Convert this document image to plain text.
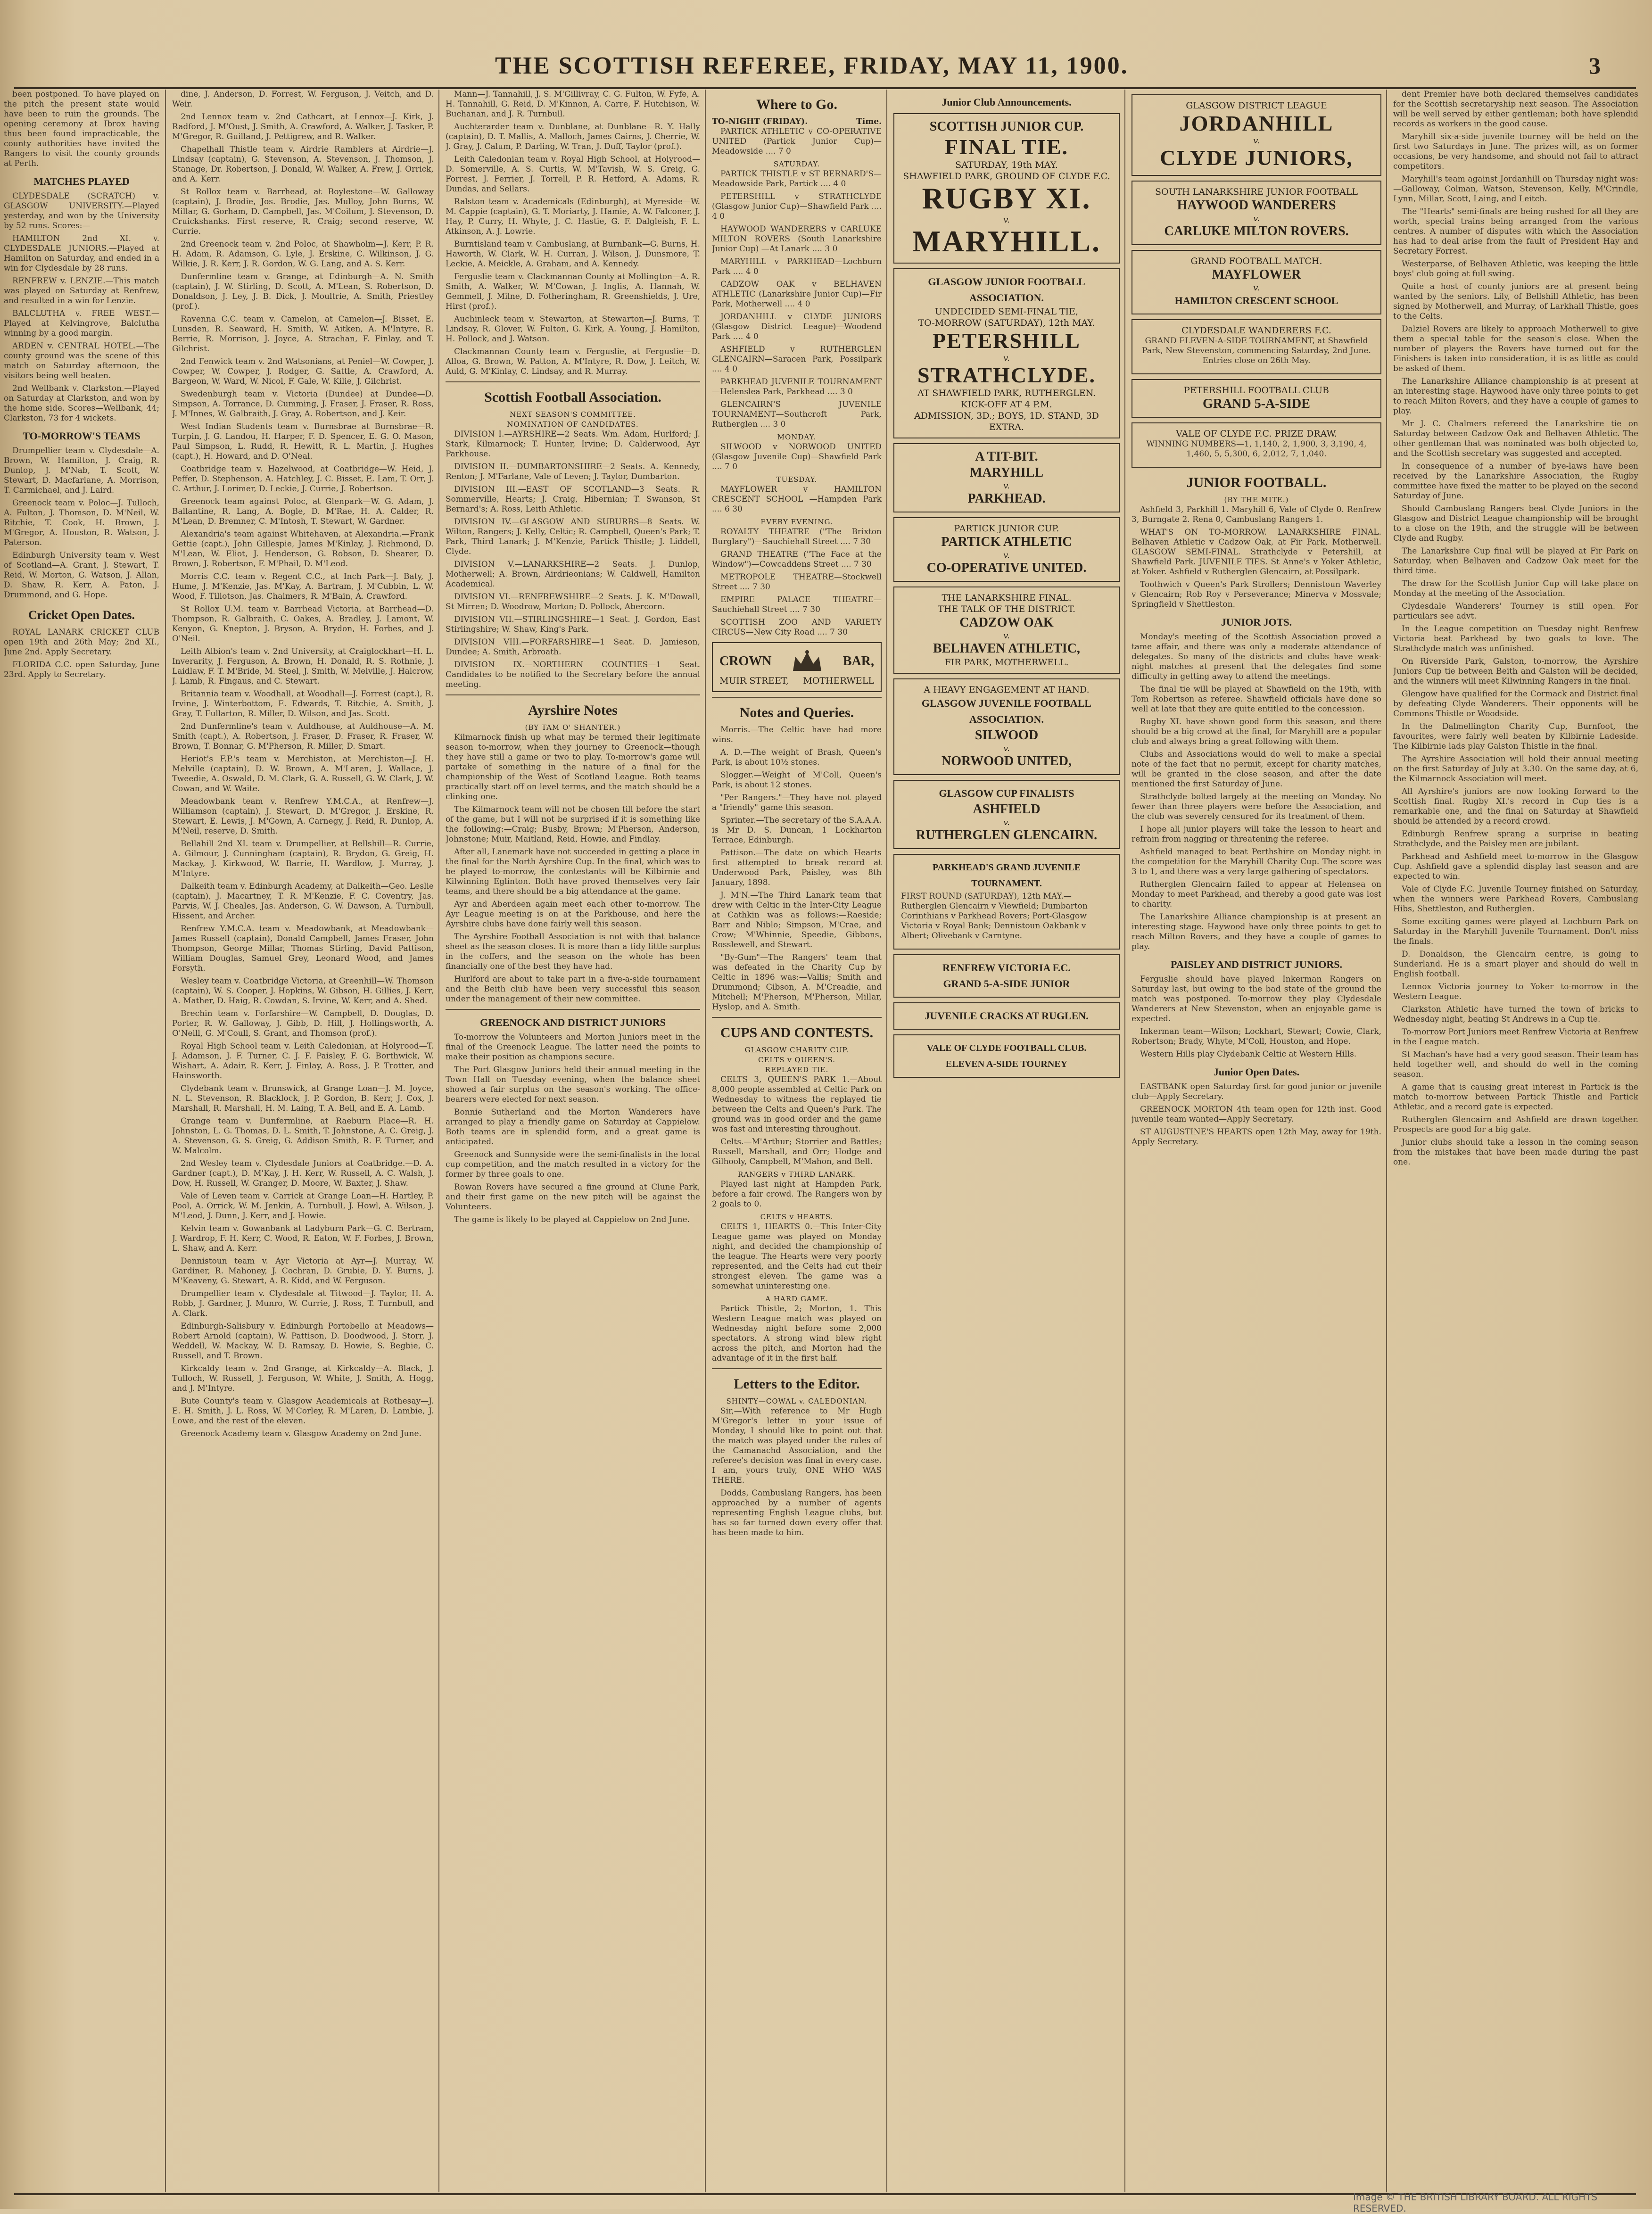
THE SCOTTISH REFEREE, FRIDAY, MAY 11, 1900.	3

been postponed. To have played on the pitch the present state would have been to ruin the grounds. The opening ceremony at Ibrox having thus been found impracticable, the county authorities have invited the Rangers to visit the county grounds at Perth.

MATCHES PLAYED

CLYDESDALE (SCRATCH) v. GLASGOW UNIVERSITY.—Played yesterday, and won by the University by 52 runs. Scores:—

HAMILTON 2nd XI. v. CLYDESDALE JUNIORS.—Played at Hamilton on Saturday, and ended in a win for Clydesdale by 28 runs.

RENFREW v. LENZIE.—This match was played on Saturday at Renfrew, and resulted in a win for Lenzie.

BALCLUTHA v. FREE WEST.—Played at Kelvingrove, Balclutha winning by a good margin.

ARDEN v. CENTRAL HOTEL.—The county ground was the scene of this match on Saturday afternoon, the visitors being well beaten.

2nd Wellbank v. Clarkston.—Played on Saturday at Clarkston, and won by the home side. Scores—Wellbank, 44; Clarkston, 73 for 4 wickets.

TO-MORROW'S TEAMS

Drumpellier team v. Clydesdale—A. Brown, W. Hamilton, J. Craig, R. Dunlop, J. M'Nab, T. Scott, W. Stewart, D. Macfarlane, A. Morrison, T. Carmichael, and J. Laird.

Greenock team v. Poloc—J. Tulloch, A. Fulton, J. Thomson, D. M'Neil, W. Ritchie, T. Cook, H. Brown, J. M'Gregor, A. Houston, R. Watson, J. Paterson.

Edinburgh University team v. West of Scotland—A. Grant, J. Stewart, T. Reid, W. Morton, G. Watson, J. Allan, D. Shaw, R. Kerr, A. Paton, J. Drummond, and G. Hope.

Cricket Open Dates.

ROYAL LANARK CRICKET CLUB open 19th and 26th May; 2nd XI., June 2nd. Apply Secretary.

FLORIDA C.C. open Saturday, June 23rd. Apply to Secretary.

dine, J. Anderson, D. Forrest, W. Ferguson, J. Veitch, and D. Weir.

2nd Lennox team v. 2nd Cathcart, at Lennox—J. Kirk, J. Radford, J. M'Oust, J. Smith, A. Crawford, A. Walker, J. Tasker, P. M'Gregor, R. Guilland, J. Pettigrew, and R. Walker.

Chapelhall Thistle team v. Airdrie Ramblers at Airdrie—J. Lindsay (captain), G. Stevenson, A. Stevenson, J. Thomson, J. Stanage, Dr. Robertson, J. Donald, W. Walker, A. Frew, J. Orrick, and A. Kerr.

St Rollox team v. Barrhead, at Boylestone—W. Galloway (captain), J. Brodie, Jos. Brodie, Jas. Mulloy, John Burns, W. Millar, G. Gorham, D. Campbell, Jas. M'Coilum, J. Stevenson, D. Cruickshanks. First reserve, R. Craig; second reserve, W. Currie.

2nd Greenock team v. 2nd Poloc, at Shawholm—J. Kerr, P. R. H. Adam, R. Adamson, G. Lyle, J. Erskine, C. Wilkinson, J. G. Wilkie, J. R. Kerr, J. R. Gordon, W. G. Lang, and A. S. Kerr.

Dunfermline team v. Grange, at Edinburgh—A. N. Smith (captain), J. W. Stirling, D. Scott, A. M'Lean, S. Robertson, D. Donaldson, J. Ley, J. B. Dick, J. Moultrie, A. Smith, Priestley (prof.).

Ravenna C.C. team v. Camelon, at Camelon—J. Bisset, E. Lunsden, R. Seaward, H. Smith, W. Aitken, A. M'Intyre, R. Berrie, R. Morrison, J. Joyce, A. Strachan, F. Finlay, and T. Gilchrist.

2nd Fenwick team v. 2nd Watsonians, at Peniel—W. Cowper, J. Cowper, W. Cowper, J. Rodger, G. Sattle, A. Crawford, A. Bargeon, W. Ward, W. Nicol, F. Gale, W. Kilie, J. Gilchrist.

Swedenburgh team v. Victoria (Dundee) at Dundee—D. Simpson, A. Torrance, D. Cumming, J. Fraser, J. Fraser, R. Ross, J. M'Innes, W. Galbraith, J. Gray, A. Robertson, and J. Keir.

West Indian Students team v. Burnsbrae at Burnsbrae—R. Turpin, J. G. Landou, H. Harper, F. D. Spencer, E. G. O. Mason, Paul Simpson, L. Rudd, R. Hewitt, R. L. Martin, J. Hughes (capt.), H. Howard, and D. O'Neal.

Coatbridge team v. Hazelwood, at Coatbridge—W. Heid, J. Peffer, D. Stephenson, A. Hatchley, J. C. Bisset, E. Lam, T. Orr, J. C. Arthur, J. Lorimer, D. Leckie, J. Currie, J. Robertson.

Greenock team against Poloc, at Glenpark—W. G. Adam, J. Ballantine, R. Lang, A. Bogle, D. M'Rae, H. A. Calder, R. M'Lean, D. Bremner, C. M'Intosh, T. Stewart, W. Gardner.

Alexandria's team against Whitehaven, at Alexandria.—Frank Gettie (capt.), John Gillespie, James M'Kinlay, J. Richmond, D. M'Lean, W. Eliot, J. Henderson, G. Robson, D. Shearer, D. Brown, J. Robertson, F. M'Phail, D. M'Leod.

Morris C.C. team v. Regent C.C., at Inch Park—J. Baty, J. Hume, J. M'Kenzie, Jas. M'Kay, A. Bartram, J. M'Cubbin, L. W. Wood, F. Tillotson, Jas. Chalmers, R. M'Bain, A. Crawford.

St Rollox U.M. team v. Barrhead Victoria, at Barrhead—D. Thompson, R. Galbraith, C. Oakes, A. Bradley, J. Lamont, W. Kenyon, G. Knepton, J. Bryson, A. Brydon, H. Forbes, and J. O'Neil.

Leith Albion's team v. 2nd University, at Craiglockhart—H. L. Inverarity, J. Ferguson, A. Brown, H. Donald, R. S. Rothnie, J. Laidlaw, F. T. M'Bride, M. Steel, J. Smith, W. Melville, J. Halcrow, J. Lamb, R. Fingaus, and C. Stewart.

Britannia team v. Woodhall, at Woodhall—J. Forrest (capt.), R. Irvine, J. Winterbottom, E. Edwards, T. Ritchie, A. Smith, J. Gray, T. Fullarton, R. Miller, D. Wilson, and Jas. Scott.

2nd Dunfermline's team v. Auldhouse, at Auldhouse—A. M. Smith (capt.), A. Robertson, J. Fraser, D. Fraser, R. Fraser, W. Brown, T. Bonnar, G. M'Pherson, R. Miller, D. Smart.

Heriot's F.P.'s team v. Merchiston, at Merchiston—J. H. Melville (captain), D. W. Brown, A. M'Laren, J. Wallace, J. Tweedie, A. Oswald, D. M. Clark, G. A. Russell, G. W. Clark, J. W. Cowan, and W. Waite.

Meadowbank team v. Renfrew Y.M.C.A., at Renfrew—J. Williamson (captain), J. Stewart, D. M'Gregor, J. Erskine, R. Stewart, E. Lewis, J. M'Gown, A. Carnegy, J. Reid, R. Dunlop, A. M'Neil, reserve, D. Smith.

Bellahill 2nd XI. team v. Drumpellier, at Bellshill—R. Currie, A. Gilmour, J. Cunningham (captain), R. Brydon, G. Greig, H. Mackay, J. Kirkwood, W. Barrie, H. Wardlow, J. Murray, J. M'Intyre.

Dalkeith team v. Edinburgh Academy, at Dalkeith—Geo. Leslie (captain), J. Macartney, T. R. M'Kenzie, F. C. Coventry, Jas. Parvis, W. J. Cheales, Jas. Anderson, G. W. Dawson, A. Turnbull, Hissent, and Archer.

Renfrew Y.M.C.A. team v. Meadowbank, at Meadowbank—James Russell (captain), Donald Campbell, James Fraser, John Thompson, George Millar, Thomas Stirling, David Pattison, William Douglas, Samuel Grey, Leonard Wood, and James Forsyth.

Wesley team v. Coatbridge Victoria, at Greenhill—W. Thomson (captain), W. S. Cooper, J. Hopkins, W. Gibson, H. Gillies, J. Kerr, A. Mather, D. Haig, R. Cowdan, S. Irvine, W. Kerr, and A. Shed.

Brechin team v. Forfarshire—W. Campbell, D. Douglas, D. Porter, R. W. Galloway, J. Gibb, D. Hill, J. Hollingsworth, A. O'Neill, G. M'Coull, S. Grant, and Thomson (prof.).

Royal High School team v. Leith Caledonian, at Holyrood—T. J. Adamson, J. F. Turner, C. J. F. Paisley, F. G. Borthwick, W. Wishart, A. Adair, R. Kerr, J. Finlay, A. Ross, J. P. Trotter, and Hainsworth.

Clydebank team v. Brunswick, at Grange Loan—J. M. Joyce, N. L. Stevenson, R. Blacklock, J. P. Gordon, B. Kerr, J. Cox, J. Marshall, R. Marshall, H. M. Laing, T. A. Bell, and E. A. Lamb.

Grange team v. Dunfermline, at Raeburn Place—R. H. Johnston, L. G. Thomas, D. L. Smith, T. Johnstone, A. C. Greig, J. A. Stevenson, G. S. Greig, G. Addison Smith, R. F. Turner, and W. Malcolm.

2nd Wesley team v. Clydesdale Juniors at Coatbridge.—D. A. Gardner (capt.), D. M'Kay, J. H. Kerr, W. Russell, A. C. Walsh, J. Dow, H. Russell, W. Granger, D. Moore, W. Baxter, J. Shaw.

Vale of Leven team v. Carrick at Grange Loan—H. Hartley, P. Pool, A. Orrick, W. M. Jenkin, A. Turnbull, J. Howl, A. Wilson, J. M'Leod, J. Dunn, J. Kerr, and J. Howie.

Kelvin team v. Gowanbank at Ladyburn Park—G. C. Bertram, J. Wardrop, F. H. Kerr, C. Wood, R. Eaton, W. F. Forbes, J. Brown, L. Shaw, and A. Kerr.

Dennistoun team v. Ayr Victoria at Ayr—J. Murray, W. Gardiner, R. Mahoney, J. Cochran, D. Grubie, D. Y. Burns, J. M'Keaveny, G. Stewart, A. R. Kidd, and W. Ferguson.

Drumpellier team v. Clydesdale at Titwood—J. Taylor, H. A. Robb, J. Gardner, J. Munro, W. Currie, J. Ross, T. Turnbull, and A. Clark.

Edinburgh-Salisbury v. Edinburgh Portobello at Meadows—Robert Arnold (captain), W. Pattison, D. Doodwood, J. Storr, J. Weddell, W. Mackay, W. D. Ramsay, D. Howie, S. Begbie, C. Russell, and T. Brown.

Kirkcaldy team v. 2nd Grange, at Kirkcaldy—A. Black, J. Tulloch, W. Russell, J. Ferguson, W. White, J. Smith, A. Hogg, and J. M'Intyre.

Bute County's team v. Glasgow Academicals at Rothesay—J. E. H. Smith, J. L. Ross, W. M'Corley, R. M'Laren, D. Lambie, J. Lowe, and the rest of the eleven.

Greenock Academy team v. Glasgow Academy on 2nd June.

Mann—J. Tannahill, J. S. M'Gillivray, C. G. Fulton, W. Fyfe, A. H. Tannahill, G. Reid, D. M'Kinnon, A. Carre, F. Hutchison, W. Buchanan, and J. R. Turnbull.

Auchterarder team v. Dunblane, at Dunblane—R. Y. Hally (captain), D. T. Mallis, A. Malloch, James Cairns, J. Cherrie, W. J. Gray, J. Calum, P. Darling, W. Tran, J. Duff, Taylor (prof.).

Leith Caledonian team v. Royal High School, at Holyrood—D. Somerville, A. S. Curtis, W. M'Tavish, W. S. Greig, G. Forrest, J. Ferrier, J. Torrell, P. R. Hetford, A. Adams, R. Dundas, and Sellars.

Ralston team v. Academicals (Edinburgh), at Myreside—W. M. Cappie (captain), G. T. Moriarty, J. Hamie, A. W. Falconer, J. Hay, P. Curry, H. Whyte, J. C. Hastie, G. F. Dalgleish, F. L. Atkinson, A. J. Lowrie.

Burntisland team v. Cambuslang, at Burnbank—G. Burns, H. Haworth, W. Clark, W. H. Curran, J. Wilson, J. Dunsmore, T. Leckie, A. Meickle, A. Graham, and A. Kennedy.

Ferguslie team v. Clackmannan County at Mollington—A. R. Smith, A. Walker, W. M'Cowan, J. Inglis, A. Hannah, W. Gemmell, J. Milne, D. Fotheringham, R. Greenshields, J. Ure, Hirst (prof.).

Auchinleck team v. Stewarton, at Stewarton—J. Burns, T. Lindsay, R. Glover, W. Fulton, G. Kirk, A. Young, J. Hamilton, H. Pollock, and J. Watson.

Clackmannan County team v. Ferguslie, at Ferguslie—D. Alloa, G. Brown, W. Patton, A. M'Intyre, R. Dow, J. Leitch, W. Auld, G. M'Kinlay, C. Lindsay, and R. Murray.

Scottish Football Association.
NEXT SEASON'S COMMITTEE.
NOMINATION OF CANDIDATES.

DIVISION I.—AYRSHIRE—2 Seats. Wm. Adam, Hurlford; J. Stark, Kilmarnock; T. Hunter, Irvine; D. Calderwood, Ayr Parkhouse.

DIVISION II.—DUMBARTONSHIRE—2 Seats. A. Kennedy, Renton; J. M'Farlane, Vale of Leven; J. Taylor, Dumbarton.

DIVISION III.—EAST OF SCOTLAND—3 Seats. R. Sommerville, Hearts; J. Craig, Hibernian; T. Swanson, St Bernard's; A. Ross, Leith Athletic.

DIVISION IV.—GLASGOW AND SUBURBS—8 Seats. W. Wilton, Rangers; J. Kelly, Celtic; R. Campbell, Queen's Park; T. Park, Third Lanark; J. M'Kenzie, Partick Thistle; J. Liddell, Clyde.

DIVISION V.—LANARKSHIRE—2 Seats. J. Dunlop, Motherwell; A. Brown, Airdrieonians; W. Caldwell, Hamilton Academical.

DIVISION VI.—RENFREWSHIRE—2 Seats. J. K. M'Dowall, St Mirren; D. Woodrow, Morton; D. Pollock, Abercorn.

DIVISION VII.—STIRLINGSHIRE—1 Seat. J. Gordon, East Stirlingshire; W. Shaw, King's Park.

DIVISION VIII.—FORFARSHIRE—1 Seat. D. Jamieson, Dundee; A. Smith, Arbroath.

DIVISION IX.—NORTHERN COUNTIES—1 Seat. Candidates to be notified to the Secretary before the annual meeting.

Ayrshire Notes
(BY TAM O' SHANTER.)

Kilmarnock finish up what may be termed their legitimate season to-morrow, when they journey to Greenock—though they have still a game or two to play. To-morrow's game will partake of something in the nature of a final for the championship of the West of Scotland League. Both teams practically start off on level terms, and the match should be a clinking one.

The Kilmarnock team will not be chosen till before the start of the game, but I will not be surprised if it is something like the following:—Craig; Busby, Brown; M'Pherson, Anderson, Johnstone; Muir, Maitland, Reid, Howie, and Findlay.

After all, Lanemark have not succeeded in getting a place in the final for the North Ayrshire Cup. In the final, which was to be played to-morrow, the contestants will be Kilbirnie and Kilwinning Eglinton. Both have proved themselves very fair teams, and there should be a big attendance at the game.

Ayr and Aberdeen again meet each other to-morrow. The Ayr League meeting is on at the Parkhouse, and here the Ayrshire clubs have done fairly well this season.

The Ayrshire Football Association is not with that balance sheet as the season closes. It is more than a tidy little surplus in the coffers, and the season on the whole has been financially one of the best they have had.

Hurlford are about to take part in a five-a-side tournament and the Beith club have been very successful this season under the management of their new committee.

GREENOCK AND DISTRICT JUNIORS

To-morrow the Volunteers and Morton Juniors meet in the final of the Greenock League. The latter need the points to make their position as champions secure.

The Port Glasgow Juniors held their annual meeting in the Town Hall on Tuesday evening, when the balance sheet showed a fair surplus on the season's working. The office-bearers were elected for next season.

Bonnie Sutherland and the Morton Wanderers have arranged to play a friendly game on Saturday at Cappielow. Both teams are in splendid form, and a great game is anticipated.

Greenock and Sunnyside were the semi-finalists in the local cup competition, and the match resulted in a victory for the former by three goals to one.

Rowan Rovers have secured a fine ground at Clune Park, and their first game on the new pitch will be against the Volunteers.

The game is likely to be played at Cappielow on 2nd June.

Where to Go.
TO-NIGHT (FRIDAY).	Time.

PARTICK ATHLETIC v CO-OPERATIVE UNITED (Partick Junior Cup)—Meadowside .... 7 0

SATURDAY.

PARTICK THISTLE v ST BERNARD'S—Meadowside Park, Partick .... 4 0

PETERSHILL v STRATHCLYDE (Glasgow Junior Cup)—Shawfield Park .... 4 0

HAYWOOD WANDERERS v CARLUKE MILTON ROVERS (South Lanarkshire Junior Cup) —At Lanark .... 3 0

MARYHILL v PARKHEAD—Lochburn Park .... 4 0

CADZOW OAK v BELHAVEN ATHLETIC (Lanarkshire Junior Cup)—Fir Park, Motherwell .... 4 0

JORDANHILL v CLYDE JUNIORS (Glasgow District League)—Woodend Park .... 4 0

ASHFIELD v RUTHERGLEN GLENCAIRN—Saracen Park, Possilpark .... 4 0

PARKHEAD JUVENILE TOURNAMENT—Helenslea Park, Parkhead .... 3 0

GLENCAIRN'S JUVENILE TOURNAMENT—Southcroft Park, Rutherglen .... 3 0

MONDAY.

SILWOOD v NORWOOD UNITED (Glasgow Juvenile Cup)—Shawfield Park .... 7 0

TUESDAY.

MAYFLOWER v HAMILTON CRESCENT SCHOOL —Hampden Park .... 6 30

EVERY EVENING.

ROYALTY THEATRE ("The Brixton Burglary")—Sauchiehall Street .... 7 30

GRAND THEATRE ("The Face at the Window")—Cowcaddens Street .... 7 30

METROPOLE THEATRE—Stockwell Street .... 7 30

EMPIRE PALACE THEATRE—Sauchiehall Street .... 7 30

SCOTTISH ZOO AND VARIETY CIRCUS—New City Road .... 7 30

CROWN	BAR,
MUIR STREET, MOTHERWELL
Notes and Queries.

Morris.—The Celtic have had more wins.

A. D.—The weight of Brash, Queen's Park, is about 10½ stones.

Slogger.—Weight of M'Coll, Queen's Park, is about 12 stones.

"Per Rangers."—They have not played a "friendly" game this season.

Sprinter.—The secretary of the S.A.A.A. is Mr D. S. Duncan, 1 Lockharton Terrace, Edinburgh.

Pattison.—The date on which Hearts first attempted to break record at Underwood Park, Paisley, was 8th January, 1898.

J. M'N.—The Third Lanark team that drew with Celtic in the Inter-City League at Cathkin was as follows:—Raeside; Barr and Niblo; Simpson, M'Crae, and Crow; M'Whinnie, Speedie, Gibbons, Rosslewell, and Stewart.

"By-Gum"—The Rangers' team that was defeated in the Charity Cup by Celtic in 1896 was:—Vallis; Smith and Drummond; Gibson, A. M'Creadie, and Mitchell; M'Pherson, M'Pherson, Millar, Hyslop, and A. Smith.

CUPS AND CONTESTS.
GLASGOW CHARITY CUP.
CELTS v QUEEN'S.
REPLAYED TIE.

CELTS 3, QUEEN'S PARK 1.—About 8,000 people assembled at Celtic Park on Wednesday to witness the replayed tie between the Celts and Queen's Park. The ground was in good order and the game was fast and interesting throughout.

Celts.—M'Arthur; Storrier and Battles; Russell, Marshall, and Orr; Hodge and Gilhooly, Campbell, M'Mahon, and Bell.

RANGERS v THIRD LANARK.

Played last night at Hampden Park, before a fair crowd. The Rangers won by 2 goals to 0.

CELTS v HEARTS.

CELTS 1, HEARTS 0.—This Inter-City League game was played on Monday night, and decided the championship of the league. The Hearts were very poorly represented, and the Celts had cut their strongest eleven. The game was a somewhat uninteresting one.

A HARD GAME.

Partick Thistle, 2; Morton, 1. This Western League match was played on Wednesday night before some 2,000 spectators. A strong wind blew right across the pitch, and Morton had the advantage of it in the first half.

Letters to the Editor.
SHINTY—COWAL v. CALEDONIAN.

Sir,—With reference to Mr Hugh M'Gregor's letter in your issue of Monday, I should like to point out that the match was played under the rules of the Camanachd Association, and the referee's decision was final in every case. I am, yours truly, ONE WHO WAS THERE.

Dodds, Cambuslang Rangers, has been approached by a number of agents representing English League clubs, but has so far turned down every offer that has been made to him.

Junior Club Announcements.
SCOTTISH JUNIOR CUP.
FINAL TIE.
SATURDAY, 19th MAY.
SHAWFIELD PARK, GROUND OF CLYDE F.C.
RUGBY XI.
v.
MARYHILL.
GLASGOW JUNIOR FOOTBALL ASSOCIATION.
UNDECIDED SEMI-FINAL TIE,
TO-MORROW (SATURDAY), 12th MAY.
PETERSHILL
v.
STRATHCLYDE.
AT SHAWFIELD PARK, RUTHERGLEN.
KICK-OFF AT 4 P.M.
ADMISSION, 3D.; BOYS, 1D. STAND, 3D EXTRA.
A TIT-BIT.
MARYHILL
v.
PARKHEAD.
PARTICK JUNIOR CUP.
PARTICK ATHLETIC
v.
CO-OPERATIVE UNITED.
THE LANARKSHIRE FINAL.
THE TALK OF THE DISTRICT.
CADZOW OAK
v.
BELHAVEN ATHLETIC,
FIR PARK, MOTHERWELL.
A HEAVY ENGAGEMENT AT HAND.
GLASGOW JUVENILE FOOTBALL ASSOCIATION.
SILWOOD
v.
NORWOOD UNITED,
GLASGOW CUP FINALISTS
ASHFIELD
v.
RUTHERGLEN GLENCAIRN.
PARKHEAD'S GRAND JUVENILE TOURNAMENT.

FIRST ROUND (SATURDAY), 12th MAY.—Rutherglen Glencairn v Viewfield; Dumbarton Corinthians v Parkhead Rovers; Port-Glasgow Victoria v Royal Bank; Dennistoun Oakbank v Albert; Olivebank v Carntyne.

RENFREW VICTORIA F.C.
GRAND 5-A-SIDE JUNIOR
JUVENILE CRACKS AT RUGLEN.
VALE OF CLYDE FOOTBALL CLUB.
ELEVEN A-SIDE TOURNEY
GLASGOW DISTRICT LEAGUE
JORDANHILL
v.
CLYDE JUNIORS,
SOUTH LANARKSHIRE JUNIOR FOOTBALL
HAYWOOD WANDERERS
v.
CARLUKE MILTON ROVERS.
GRAND FOOTBALL MATCH.
MAYFLOWER
v.
HAMILTON CRESCENT SCHOOL
CLYDESDALE WANDERERS F.C.

GRAND ELEVEN-A-SIDE TOURNAMENT, at Shawfield Park, New Stevenston, commencing Saturday, 2nd June. Entries close on 26th May.

PETERSHILL FOOTBALL CLUB
GRAND 5-A-SIDE
VALE OF CLYDE F.C. PRIZE DRAW.

WINNING NUMBERS—1, 1,140, 2, 1,900, 3, 3,190, 4, 1,460, 5, 5,300, 6, 2,012, 7, 1,040.

JUNIOR FOOTBALL.
(BY THE MITE.)

Ashfield 3, Parkhill 1. Maryhill 6, Vale of Clyde 0. Renfrew 3, Burngate 2. Rena 0, Cambuslang Rangers 1.

WHAT'S ON TO-MORROW. LANARKSHIRE FINAL. Belhaven Athletic v Cadzow Oak, at Fir Park, Motherwell. GLASGOW SEMI-FINAL. Strathclyde v Petershill, at Shawfield Park. JUVENILE TIES. St Anne's v Yoker Athletic, at Yoker. Ashfield v Rutherglen Glencairn, at Possilpark.

Toothwich v Queen's Park Strollers; Dennistoun Waverley v Glencairn; Rob Roy v Perseverance; Minerva v Mossvale; Springfield v Shettleston.

JUNIOR JOTS.

Monday's meeting of the Scottish Association proved a tame affair, and there was only a moderate attendance of delegates. So many of the districts and clubs have weak-night matches at present that the delegates find some difficulty in getting away to attend the meetings.

The final tie will be played at Shawfield on the 19th, with Tom Robertson as referee. Shawfield officials have done so well at late that they are quite entitled to the concession.

Rugby XI. have shown good form this season, and there should be a big crowd at the final, for Maryhill are a popular club and always bring a great following with them.

Clubs and Associations would do well to make a special note of the fact that no permit, except for charity matches, will be granted in the close season, and after the date mentioned the first Saturday of June.

Strathclyde bolted largely at the meeting on Monday. No fewer than three players were before the Association, and the club was severely censured for its treatment of them.

I hope all junior players will take the lesson to heart and refrain from nagging or threatening the referee.

Ashfield managed to beat Perthshire on Monday night in the competition for the Maryhill Charity Cup. The score was 3 to 1, and there was a very large gathering of spectators.

Rutherglen Glencairn failed to appear at Helensea on Monday to meet Parkhead, and thereby a good gate was lost to charity.

The Lanarkshire Alliance championship is at present an interesting stage. Haywood have only three points to get to reach Milton Rovers, and they have a couple of games to play.

PAISLEY AND DISTRICT JUNIORS.

Ferguslie should have played Inkerman Rangers on Saturday last, but owing to the bad state of the ground the match was postponed. To-morrow they play Clydesdale Wanderers at New Stevenston, when an enjoyable game is expected.

Inkerman team—Wilson; Lockhart, Stewart; Cowie, Clark, Robertson; Brady, Whyte, M'Coll, Houston, and Hope.

Western Hills play Clydebank Celtic at Western Hills.

Junior Open Dates.

EASTBANK open Saturday first for good junior or juvenile club—Apply Secretary.

GREENOCK MORTON 4th team open for 12th inst. Good juvenile team wanted—Apply Secretary.

ST AUGUSTINE'S HEARTS open 12th May, away for 19th. Apply Secretary.

dent Premier have both declared themselves candidates for the Scottish secretaryship next season. The Association will be well served by either gentleman; both have splendid records as workers in the good cause.

Maryhill six-a-side juvenile tourney will be held on the first two Saturdays in June. The prizes will, as on former occasions, be very handsome, and should not fail to attract competitors.

Maryhill's team against Jordanhill on Thursday night was:—Galloway, Colman, Watson, Stevenson, Kelly, M'Crindle, Lynn, Millar, Scott, Laing, and Leitch.

The "Hearts" semi-finals are being rushed for all they are worth, special trains being arranged from the various centres. A number of disputes with which the Association has had to deal arise from the fault of President Hay and Secretary Forrest.

Westerparse, of Belhaven Athletic, was keeping the little boys' club going at full swing.

Quite a host of county juniors are at present being wanted by the seniors. Lily, of Bellshill Athletic, has been signed by Motherwell, and Murray, of Larkhall Thistle, goes to the Celts.

Dalziel Rovers are likely to approach Motherwell to give them a special table for the season's close. When the number of players the Rovers have turned out for the Finishers is taken into consideration, it is as little as could be asked of them.

The Lanarkshire Alliance championship is at present at an interesting stage. Haywood have only three points to get to reach Milton Rovers, and they have a couple of games to play.

Mr J. C. Chalmers refereed the Lanarkshire tie on Saturday between Cadzow Oak and Belhaven Athletic. The other gentleman that was nominated was both objected to, and the Scottish secretary was suggested and accepted.

In consequence of a number of bye-laws have been received by the Lanarkshire Association, the Rugby committee have fixed the matter to be played on the second Saturday of June.

Should Cambuslang Rangers beat Clyde Juniors in the Glasgow and District League championship will be brought to a close on the 19th, and the struggle will be between Clyde and Rugby.

The Lanarkshire Cup final will be played at Fir Park on Saturday, when Belhaven and Cadzow Oak meet for the third time.

The draw for the Scottish Junior Cup will take place on Monday at the meeting of the Association.

Clydesdale Wanderers' Tourney is still open. For particulars see advt.

In the League competition on Tuesday night Renfrew Victoria beat Parkhead by two goals to love. The Strathclyde match was unfinished.

On Riverside Park, Galston, to-morrow, the Ayrshire Juniors Cup tie between Beith and Galston will be decided, and the winners will meet Kilwinning Rangers in the final.

Glengow have qualified for the Cormack and District final by defeating Clyde Wanderers. Their opponents will be Commons Thistle or Woodside.

In the Dalmellington Charity Cup, Burnfoot, the favourites, were fairly well beaten by Kilbirnie Ladeside. The Kilbirnie lads play Galston Thistle in the final.

The Ayrshire Association will hold their annual meeting on the first Saturday of July at 3.30. On the same day, at 6, the Kilmarnock Association will meet.

All Ayrshire's juniors are now looking forward to the Scottish final. Rugby XI.'s record in Cup ties is a remarkable one, and the final on Saturday at Shawfield should be attended by a record crowd.

Edinburgh Renfrew sprang a surprise in beating Strathclyde, and the Paisley men are jubilant.

Parkhead and Ashfield meet to-morrow in the Glasgow Cup. Ashfield gave a splendid display last season and are expected to win.

Vale of Clyde F.C. Juvenile Tourney finished on Saturday, when the winners were Parkhead Rovers, Cambuslang Hibs, Shettleston, and Rutherglen.

Some exciting games were played at Lochburn Park on Saturday in the Maryhill Juvenile Tournament. Don't miss the finals.

D. Donaldson, the Glencairn centre, is going to Sunderland. He is a smart player and should do well in English football.

Lennox Victoria journey to Yoker to-morrow in the Western League.

Clarkston Athletic have turned the town of bricks to Wednesday night, beating St Andrews in a Cup tie.

To-morrow Port Juniors meet Renfrew Victoria at Renfrew in the League match.

St Machan's have had a very good season. Their team has held together well, and should do well in the coming season.

A game that is causing great interest in Partick is the match to-morrow between Partick Thistle and Partick Athletic, and a record gate is expected.

Rutherglen Glencairn and Ashfield are drawn together. Prospects are good for a big gate.

Junior clubs should take a lesson in the coming season from the mistakes that have been made during the past one.

Image © THE BRITISH LIBRARY BOARD. ALL RIGHTS RESERVED.
